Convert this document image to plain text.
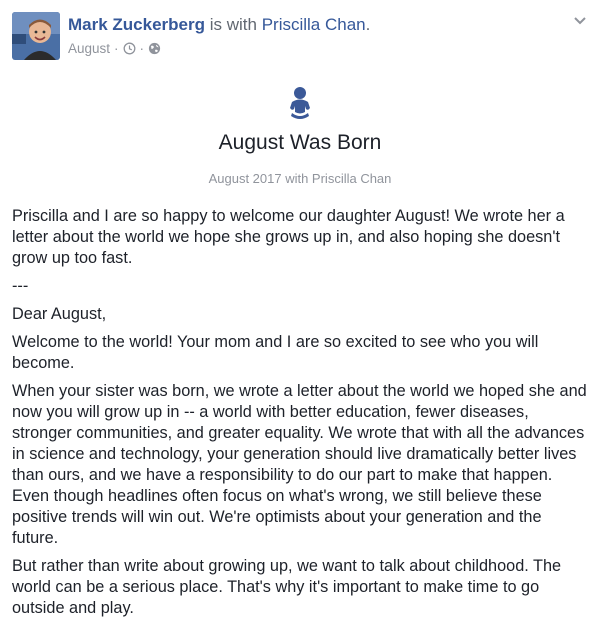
Mark Zuckerberg is with Priscilla Chan.
August · ·
August Was Born
August 2017 with Priscilla Chan

Priscilla and I are so happy to welcome our daughter August! We wrote her a letter about the world we hope she grows up in, and also hoping she doesn't grow up too fast.

---

Dear August,

Welcome to the world! Your mom and I are so excited to see who you will become.

When your sister was born, we wrote a letter about the world we hoped she and now you will grow up in -- a world with better education, fewer diseases, stronger communities, and greater equality. We wrote that with all the advances in science and technology, your generation should live dramatically better lives than ours, and we have a responsibility to do our part to make that happen. Even though headlines often focus on what's wrong, we still believe these positive trends will win out. We're optimists about your generation and the future.

But rather than write about growing up, we want to talk about childhood. The world can be a serious place. That's why it's important to make time to go outside and play.
